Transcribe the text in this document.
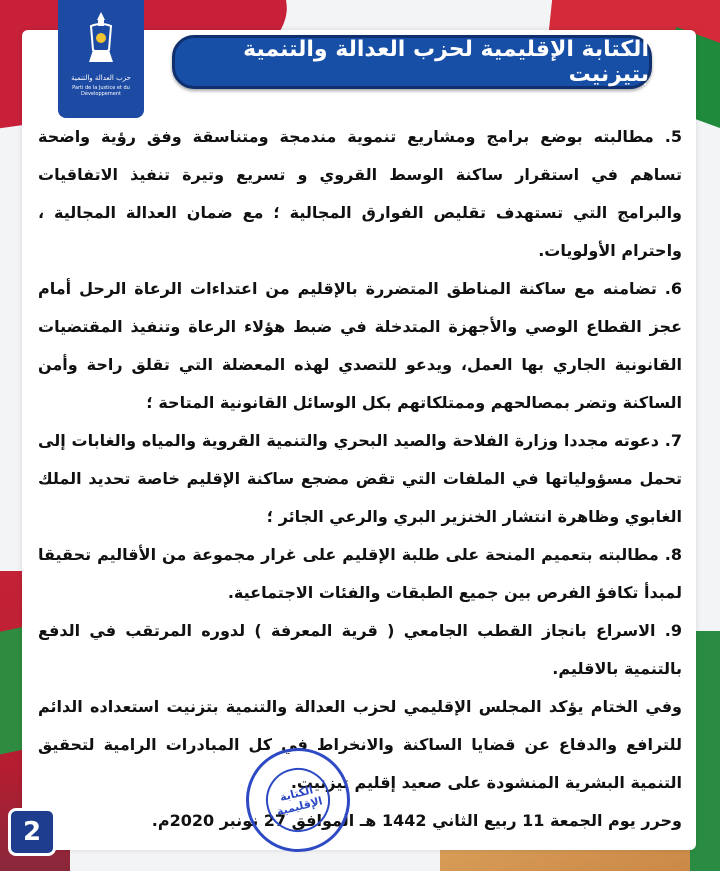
حزب العدالة والتنمية
Parti de la Justice et du Développement
الكتابة الإقليمية لحزب العدالة والتنمية بتيزنيت

5. مطالبته بوضع برامج ومشاريع تنموية مندمجة ومتناسقة وفق رؤية واضحة تساهم في استقرار ساكنة الوسط القروي و تسريع وتيرة تنفيذ الاتفاقيات والبرامج التي تستهدف تقليص الفوارق المجالية ؛ مع ضمان العدالة المجالية ، واحترام الأولويات.

6. تضامنه مع ساكنة المناطق المتضررة بالإقليم من اعتداءات الرعاة الرحل أمام عجز القطاع الوصي والأجهزة المتدخلة في ضبط هؤلاء الرعاة وتنفيذ المقتضيات القانونية الجاري بها العمل، ويدعو للتصدي لهذه المعضلة التي تقلق راحة وأمن الساكنة وتضر بمصالحهم وممتلكاتهم بكل الوسائل القانونية المتاحة ؛

7. دعوته مجددا وزارة الفلاحة والصيد البحري والتنمية القروية والمياه والغابات إلى تحمل مسؤولياتها في الملفات التي تقض مضجع ساكنة الإقليم خاصة تحديد الملك الغابوي وظاهرة انتشار الخنزير البري والرعي الجائر ؛

8. مطالبته بتعميم المنحة على طلبة الإقليم على غرار مجموعة من الأقاليم تحقيقا لمبدأ تكافؤ الفرص بين جميع الطبقات والفئات الاجتماعية.

9. الاسراع بانجاز القطب الجامعي ( قرية المعرفة ) لدوره المرتقب في الدفع بالتنمية بالاقليم.

وفي الختام يؤكد المجلس الإقليمي لحزب العدالة والتنمية بتزنيت استعداده الدائم للترافع والدفاع عن قضايا الساكنة والانخراط في كل المبادرات الرامية لتحقيق التنمية البشرية المنشودة على صعيد إقليم تيزنيت.

وحرر يوم الجمعة 11 ربيع الثاني 1442 هـ الموافق 27 نونبر 2020م.

الكتابة الإقليمية
2
